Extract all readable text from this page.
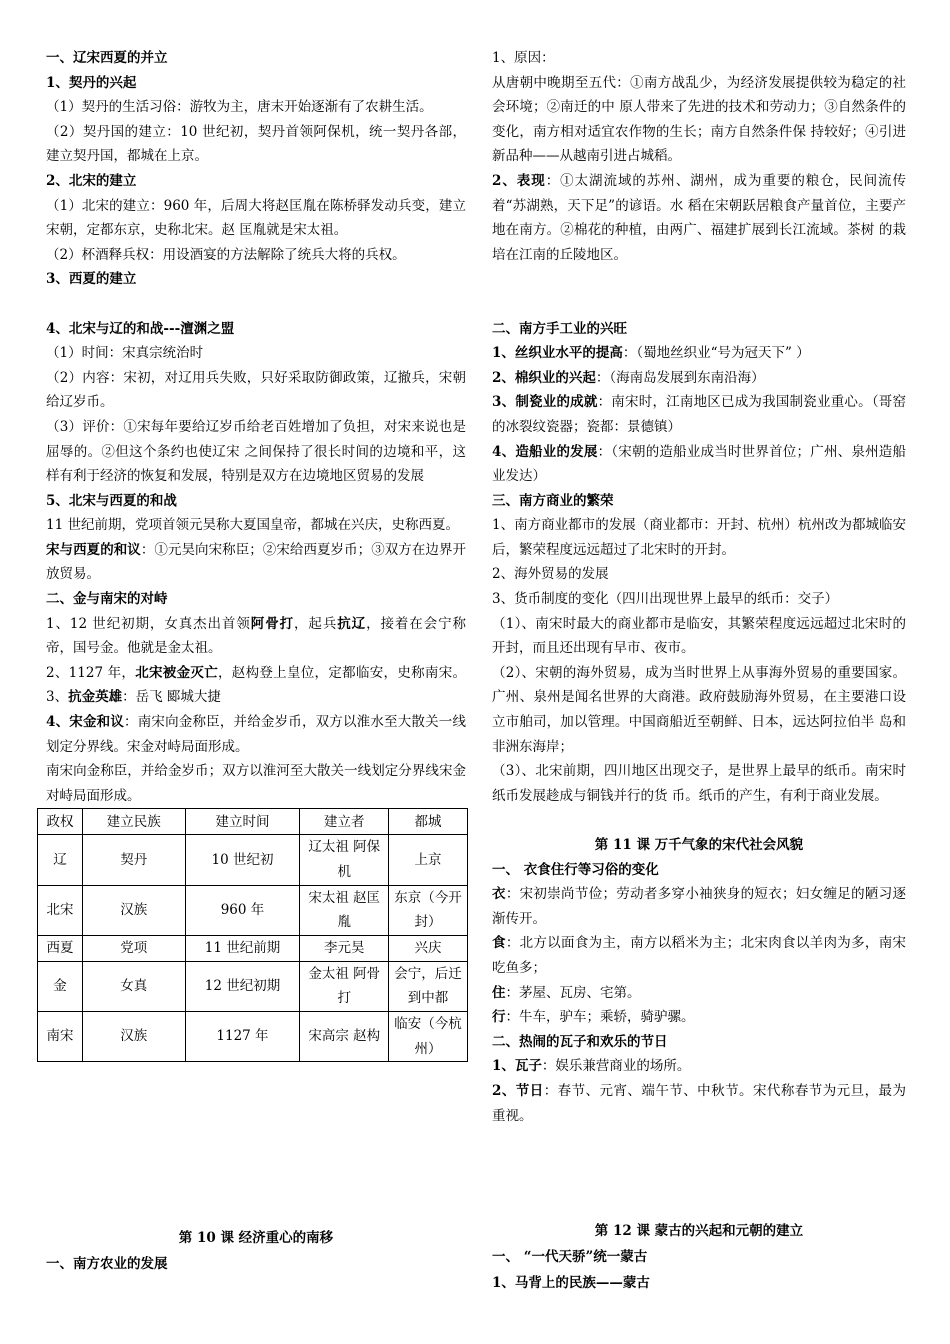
一、辽宋西夏的并立

1、契丹的兴起

（1）契丹的生活习俗：游牧为主，唐末开始逐渐有了农耕生活。

（2）契丹国的建立：10 世纪初，契丹首领阿保机，统一契丹各部，建立契丹国，都城在上京。

2、北宋的建立

（1）北宋的建立：960 年，后周大将赵匡胤在陈桥驿发动兵变，建立宋朝，定都东京，史称北宋。赵 匡胤就是宋太祖。

（2）杯酒释兵权：用设酒宴的方法解除了统兵大将的兵权。

3、西夏的建立

4、北宋与辽的和战---澶渊之盟

（1）时间：宋真宗统治时

（2）内容：宋初，对辽用兵失败，只好采取防御政策，辽撤兵，宋朝给辽岁币。

（3）评价：①宋每年要给辽岁币给老百姓增加了负担，对宋来说也是屈辱的。②但这个条约也使辽宋 之间保持了很长时间的边境和平，这样有利于经济的恢复和发展，特别是双方在边境地区贸易的发展

5、北宋与西夏的和战

11 世纪前期，党项首领元昊称大夏国皇帝，都城在兴庆，史称西夏。

宋与西夏的和议：①元昊向宋称臣；②宋给西夏岁币；③双方在边界开放贸易。

二、金与南宋的对峙

1、12 世纪初期，女真杰出首领阿骨打，起兵抗辽，接着在会宁称帝，国号金。他就是金太祖。

2、1127 年，北宋被金灭亡，赵构登上皇位，定都临安，史称南宋。3、抗金英雄：岳飞 郾城大捷

4、宋金和议：南宋向金称臣，并给金岁币，双方以淮水至大散关一线划定分界线。宋金对峙局面形成。

南宋向金称臣，并给金岁币；双方以淮河至大散关一线划定分界线宋金对峙局面形成。

政权	建立民族	建立时间	建立者	都城
辽	契丹	10 世纪初	辽太祖 阿保机	上京
北宋	汉族	960 年	宋太祖 赵匡胤	东京（今开封）
西夏	党项	11 世纪前期	李元昊	兴庆
金	女真	12 世纪初期	金太祖 阿骨打	会宁，后迁到中都
南宋	汉族	1127 年	宋高宗 赵构	临安（今杭州）

1、原因：

从唐朝中晚期至五代：①南方战乱少，为经济发展提供较为稳定的社会环境；②南迁的中 原人带来了先进的技术和劳动力；③自然条件的变化，南方相对适宜农作物的生长；南方自然条件保 持较好；④引进新品种——从越南引进占城稻。

2、表现：①太湖流域的苏州、湖州，成为重要的粮仓，民间流传着“苏湖熟，天下足”的谚语。水 稻在宋朝跃居粮食产量首位，主要产地在南方。②棉花的种植，由两广、福建扩展到长江流域。茶树 的栽培在江南的丘陵地区。

二、南方手工业的兴旺

1、丝织业水平的提高：（蜀地丝织业“号为冠天下” ）

2、棉织业的兴起：（海南岛发展到东南沿海）

3、制瓷业的成就：南宋时，江南地区已成为我国制瓷业重心。（哥窑的冰裂纹瓷器；瓷都：景德镇）

4、造船业的发展：（宋朝的造船业成当时世界首位；广州、泉州造船业发达）

三、南方商业的繁荣

1、南方商业都市的发展（商业都市：开封、杭州）杭州改为都城临安后，繁荣程度远远超过了北宋时的开封。

2、海外贸易的发展

3、货币制度的变化（四川出现世界上最早的纸币：交子）

（1）、南宋时最大的商业都市是临安，其繁荣程度远远超过北宋时的开封，而且还出现有早市、夜市。

（2）、宋朝的海外贸易，成为当时世界上从事海外贸易的重要国家。广州、泉州是闻名世界的大商港。政府鼓励海外贸易，在主要港口设立市舶司，加以管理。中国商船近至朝鲜、日本，远达阿拉伯半 岛和非洲东海岸；

（3）、北宋前期，四川地区出现交子，是世界上最早的纸币。南宋时纸币发展趁成与铜钱并行的货 币。纸币的产生，有利于商业发展。

第 11 课 万千气象的宋代社会风貌

一、 衣食住行等习俗的变化

衣：宋初崇尚节俭；劳动者多穿小袖狭身的短衣；妇女缠足的陋习逐渐传开。

食：北方以面食为主，南方以稻米为主；北宋肉食以羊肉为多，南宋吃鱼多；

住：茅屋、瓦房、宅第。

行：牛车，驴车；乘轿，骑驴骡。

二、热闹的瓦子和欢乐的节日

1、瓦子：娱乐兼营商业的场所。

2、节日：春节、元宵、端午节、中秋节。宋代称春节为元旦，最为重视。

第 10 课 经济重心的南移

一、南方农业的发展

第 12 课 蒙古的兴起和元朝的建立

一、 “一代天骄”统一蒙古

1、马背上的民族——蒙古
